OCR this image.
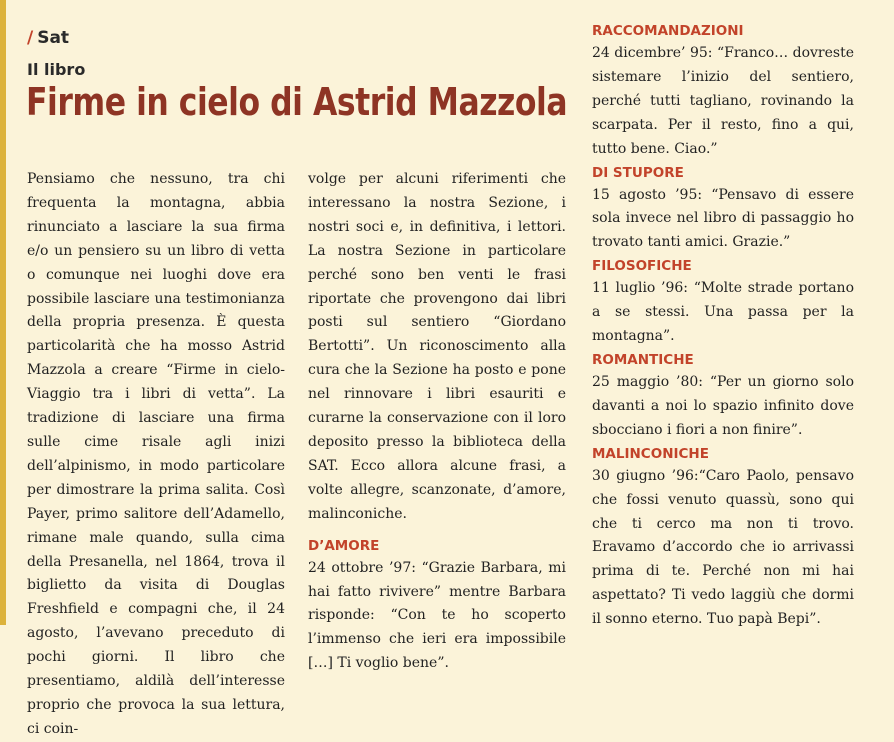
/ Sat
Il libro
Firme in cielo di Astrid Mazzola

Pensiamo che nessuno, tra chi frequenta la montagna, abbia rinunciato a lasciare la sua firma e/o un pensiero su un libro di vetta o comunque nei luoghi dove era possibile lasciare una testimonianza della propria presenza. È questa particolarità che ha mosso Astrid Mazzola a creare “Firme in cielo-Viaggio tra i libri di vetta”. La tradizione di lasciare una firma sulle cime risale agli inizi dell’alpinismo, in modo particolare per dimostrare la prima salita. Così Payer, primo salitore dell’Adamello, rimane male quando, sulla cima della Presanella, nel 1864, trova il biglietto da visita di Douglas Freshfield e compagni che, il 24 agosto, l’avevano preceduto di pochi giorni. Il libro che presentiamo, aldilà dell’interesse proprio che provoca la sua lettura, ci coin-

volge per alcuni riferimenti che interessano la nostra Sezione, i nostri soci e, in definitiva, i lettori. La nostra Sezione in particolare perché sono ben venti le frasi riportate che provengono dai libri posti sul sentiero “Giordano Bertotti”. Un riconoscimento alla cura che la Sezione ha posto e pone nel rinnovare i libri esauriti e curarne la conservazione con il loro deposito presso la biblioteca della SAT. Ecco allora alcune frasi, a volte allegre, scanzonate, d’amore, malinconiche.

D’AMORE

24 ottobre ’97: “Grazie Barbara, mi hai fatto rivivere” mentre Barbara risponde: “Con te ho scoperto l’immenso che ieri era impossibile […] Ti voglio bene”.

RACCOMANDAZIONI

24 dicembre’ 95: “Franco… dovreste sistemare l’inizio del sentiero, perché tutti tagliano, rovinando la scarpata. Per il resto, fino a qui, tutto bene. Ciao.”

DI STUPORE

15 agosto ’95: “Pensavo di essere sola invece nel libro di passaggio ho trovato tanti amici. Grazie.”

FILOSOFICHE

11 luglio ’96: “Molte strade portano a se stessi. Una passa per la montagna”.

ROMANTICHE

25 maggio ’80: “Per un giorno solo davanti a noi lo spazio infinito dove sbocciano i fiori a non finire”.

MALINCONICHE

30 giugno ’96:“Caro Paolo, pensavo che fossi venuto quassù, sono qui che ti cerco ma non ti trovo. Eravamo d’accordo che io arrivassi prima di te. Perché non mi hai aspettato? Ti vedo laggiù che dormi il sonno eterno. Tuo papà Bepi”.
